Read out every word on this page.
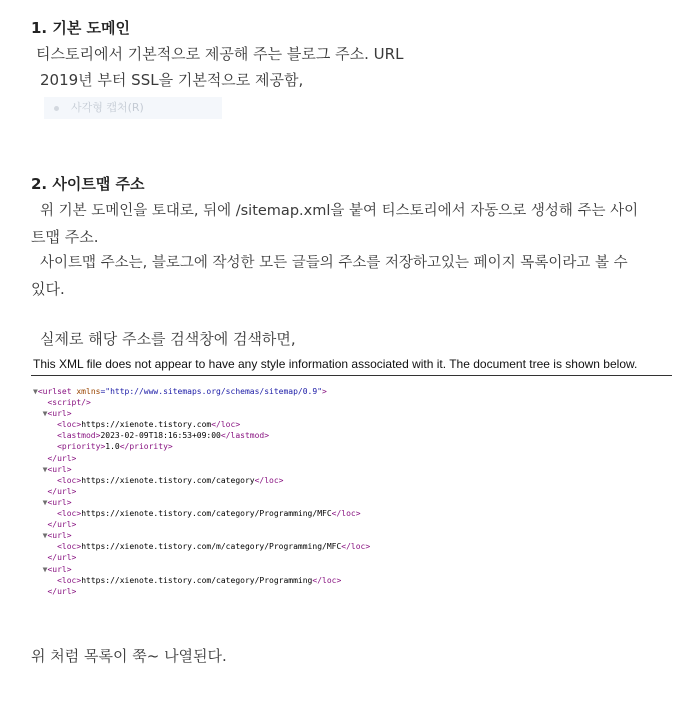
1. 기본 도메인
티스토리에서 기본적으로 제공해 주는 블로그 주소. URL
2019년 부터 SSL을 기본적으로 제공함,
사각형 캡처(R)
2. 사이트맵 주소
위 기본 도메인을 토대로, 뒤에 /sitemap.xml을 붙여 티스토리에서 자동으로 생성해 주는 사이
트맵 주소.
사이트맵 주소는, 블로그에 작성한 모든 글들의 주소를 저장하고있는 페이지 목록이라고 볼 수
있다.
실제로 해당 주소를 검색창에 검색하면,
This XML file does not appear to have any style information associated with it. The document tree is shown below.
▼<urlset xmlns="http://www.sitemaps.org/schemas/sitemap/0.9">
<script/>
▼<url>
<loc>https://xienote.tistory.com</loc>
<lastmod>2023-02-09T18:16:53+09:00</lastmod>
<priority>1.0</priority>
</url>
▼<url>
<loc>https://xienote.tistory.com/category</loc>
</url>
▼<url>
<loc>https://xienote.tistory.com/category/Programming/MFC</loc>
</url>
▼<url>
<loc>https://xienote.tistory.com/m/category/Programming/MFC</loc>
</url>
▼<url>
<loc>https://xienote.tistory.com/category/Programming</loc>
</url>
위 처럼 목록이 쭉~ 나열된다.
